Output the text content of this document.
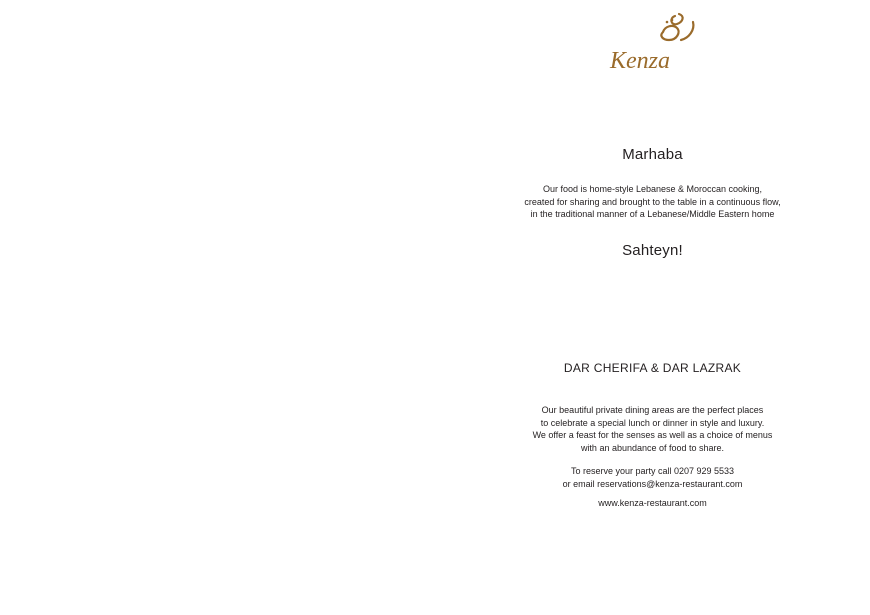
Kenza

Marhaba

Our food is home-style Lebanese & Moroccan cooking,
created for sharing and brought to the table in a continuous flow,
in the traditional manner of a Lebanese/Middle Eastern home

Sahteyn!

DAR CHERIFA & DAR LAZRAK

Our beautiful private dining areas are the perfect places
to celebrate a special lunch or dinner in style and luxury.
We offer a feast for the senses as well as a choice of menus
with an abundance of food to share.

To reserve your party call 0207 929 5533
or email reservations@kenza-restaurant.com

www.kenza-restaurant.com
